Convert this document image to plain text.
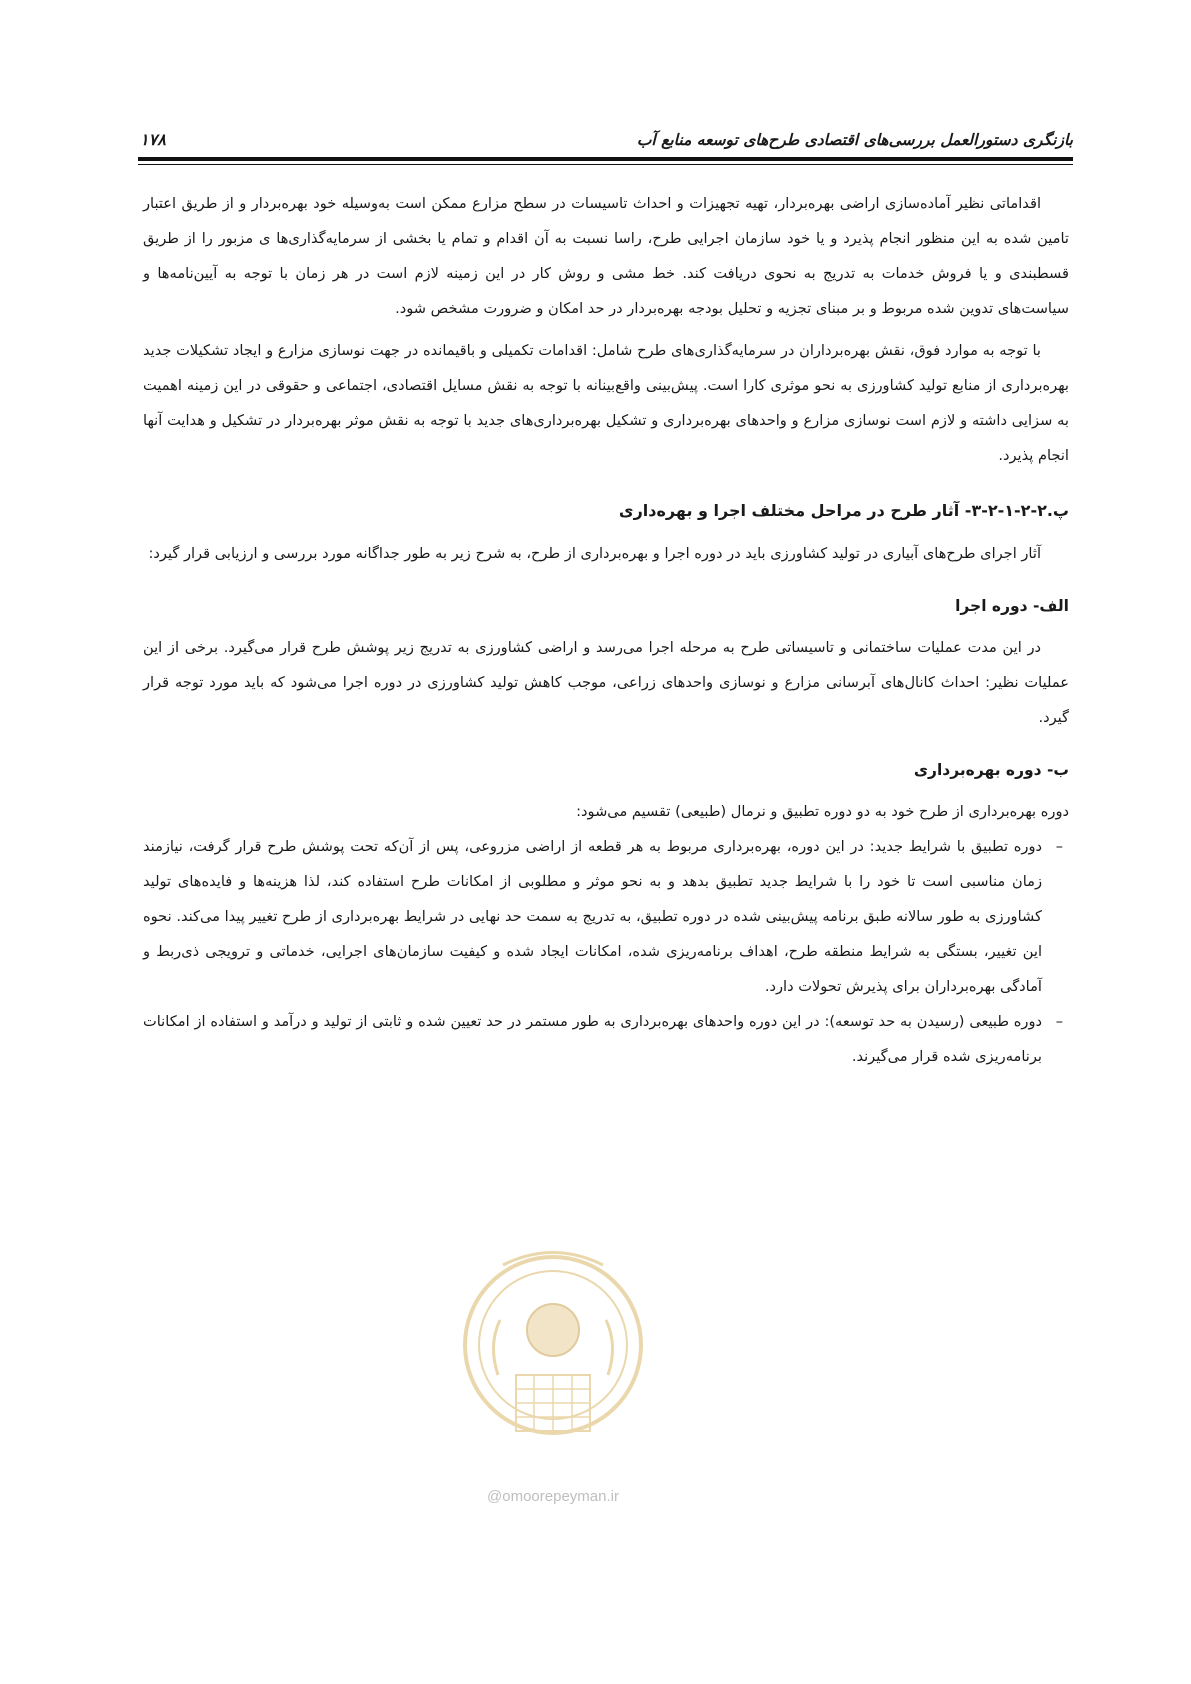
بازنگری دستورالعمل بررسی‌های اقتصادی طرح‌های توسعه منابع آب
۱۷۸

اقداماتی نظیر آماده‌سازی اراضی بهره‌بردار، تهیه تجهیزات و احداث تاسیسات در سطح مزارع ممکن است به‌وسیله خود بهره‌بردار و از طریق اعتبار تامین شده به این منظور انجام پذیرد و یا خود سازمان اجرایی طرح، راسا نسبت به آن اقدام و تمام یا بخشی از سرمایه‌گذاری‌ها ی مزبور را از طریق قسطبندی و یا فروش خدمات به تدریج به نحوی دریافت کند. خط مشی و روش کار در این زمینه لازم است در هر زمان با توجه به آیین‌نامه‌ها و سیاست‌های تدوین شده مربوط و بر مبنای تجزیه و تحلیل بودجه بهره‌بردار در حد امکان و ضرورت مشخص شود.

با توجه به موارد فوق، نقش بهره‌برداران در سرمایه‌گذاری‌های طرح شامل: اقدامات تکمیلی و باقیمانده در جهت نوسازی مزارع و ایجاد تشکیلات جدید بهره‌برداری از منابع تولید کشاورزی به نحو موثری کارا است. پیش‌بینی واقع‌بینانه با توجه به نقش مسایل اقتصادی، اجتماعی و حقوقی در این زمینه اهمیت به سزایی داشته و لازم است نوسازی مزارع و واحدهای بهره‌برداری و تشکیل بهره‌برداری‌های جدید با توجه به نقش موثر بهره‌بردار در تشکیل و هدایت آنها انجام پذیرد.

پ.۲-۲-۱-۲-۳- آثار طرح در مراحل مختلف اجرا و بهره‌داری

آثار اجرای طرح‌های آبیاری در تولید کشاورزی باید در دوره اجرا و بهره‌برداری از طرح، به شرح زیر به طور جداگانه مورد بررسی و ارزیابی قرار گیرد:

الف- دوره اجرا

در این مدت عملیات ساختمانی و تاسیساتی طرح به مرحله اجرا می‌رسد و اراضی کشاورزی به تدریج زیر پوشش طرح قرار می‌گیرد. برخی از این عملیات نظیر: احداث کانال‌های آبرسانی مزارع و نوسازی واحدهای زراعی، موجب کاهش تولید کشاورزی در دوره اجرا می‌شود که باید مورد توجه قرار گیرد.

ب- دوره بهره‌برداری

دوره بهره‌برداری از طرح خود به دو دوره تطبیق و نرمال (طبیعی) تقسیم می‌شود:

–
دوره تطبیق با شرایط جدید: در این دوره، بهره‌برداری مربوط به هر قطعه از اراضی مزروعی، پس از آن‌که تحت پوشش طرح قرار گرفت، نیازمند زمان مناسبی است تا خود را با شرایط جدید تطبیق بدهد و به نحو موثر و مطلوبی از امکانات طرح استفاده کند، لذا هزینه‌ها و فایده‌های تولید کشاورزی به طور سالانه طبق برنامه پیش‌بینی شده در دوره تطبیق، به تدریج به سمت حد نهایی در شرایط بهره‌برداری از طرح تغییر پیدا می‌کند. نحوه این تغییر، بستگی به شرایط منطقه طرح، اهداف برنامه‌ریزی شده، امکانات ایجاد شده و کیفیت سازمان‌های اجرایی، خدماتی و ترویجی ذی‌ربط و آمادگی بهره‌برداران برای پذیرش تحولات دارد.
–
دوره طبیعی (رسیدن به حد توسعه): در این دوره واحدهای بهره‌برداری به طور مستمر در حد تعیین شده و ثابتی از تولید و درآمد و استفاده از امکانات برنامه‌ریزی شده قرار می‌گیرند.
@omoorepeyman.ir
